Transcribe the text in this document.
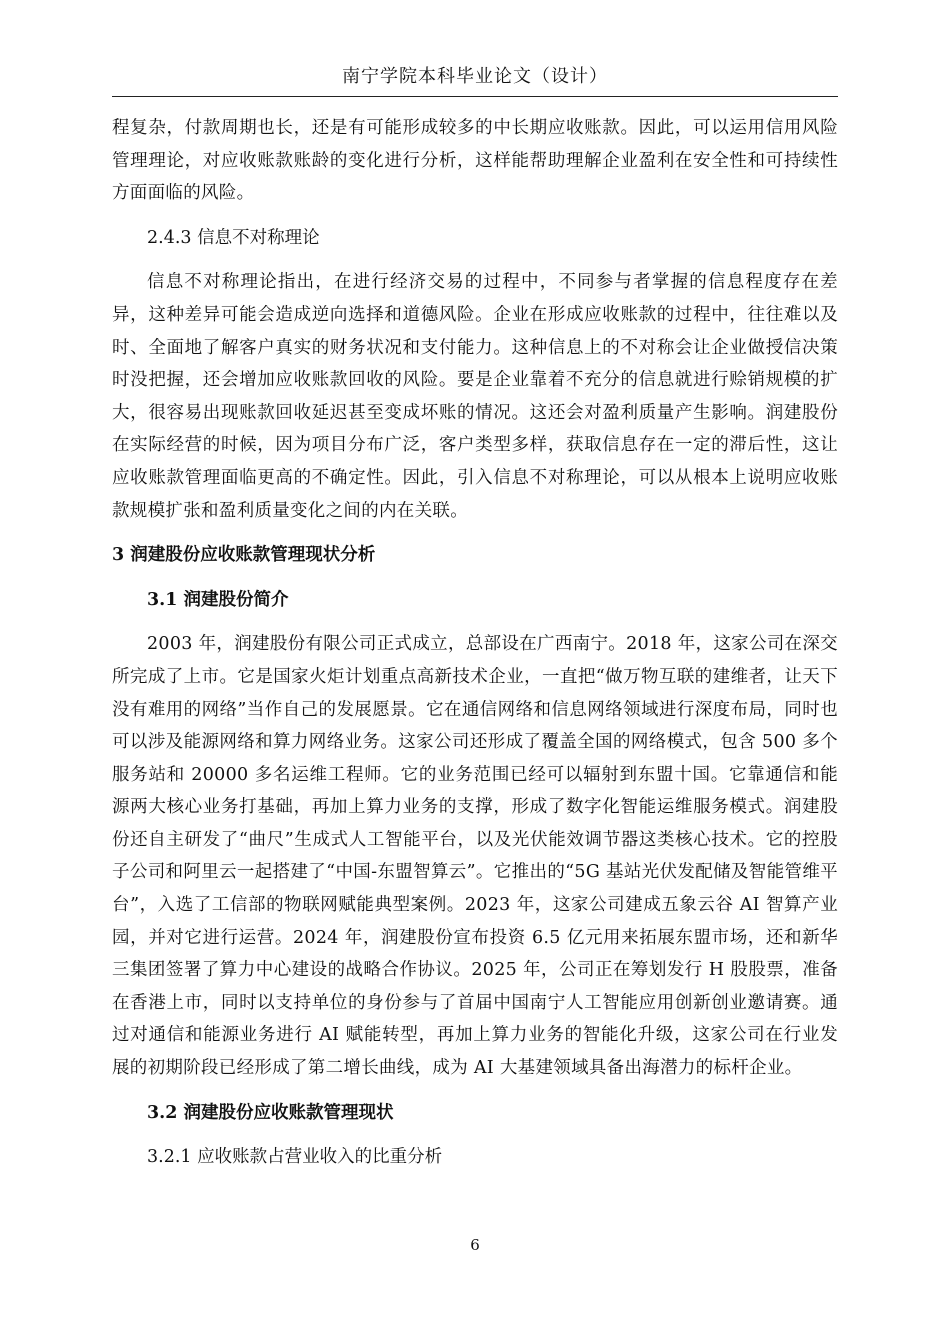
南宁学院本科毕业论文（设计）

程复杂，付款周期也长，还是有可能形成较多的中长期应收账款。因此，可以运用信用风险管理理论，对应收账款账龄的变化进行分析，这样能帮助理解企业盈利在安全性和可持续性方面面临的风险。

2.4.3 信息不对称理论

信息不对称理论指出，在进行经济交易的过程中，不同参与者掌握的信息程度存在差异，这种差异可能会造成逆向选择和道德风险。企业在形成应收账款的过程中，往往难以及时、全面地了解客户真实的财务状况和支付能力。这种信息上的不对称会让企业做授信决策时没把握，还会增加应收账款回收的风险。要是企业靠着不充分的信息就进行赊销规模的扩大，很容易出现账款回收延迟甚至变成坏账的情况。这还会对盈利质量产生影响。润建股份在实际经营的时候，因为项目分布广泛，客户类型多样，获取信息存在一定的滞后性，这让应收账款管理面临更高的不确定性。因此，引入信息不对称理论，可以从根本上说明应收账款规模扩张和盈利质量变化之间的内在关联。

3 润建股份应收账款管理现状分析

3.1 润建股份简介

2003 年，润建股份有限公司正式成立，总部设在广西南宁。2018 年，这家公司在深交所完成了上市。它是国家火炬计划重点高新技术企业，一直把“做万物互联的建维者，让天下没有难用的网络”当作自己的发展愿景。它在通信网络和信息网络领域进行深度布局，同时也可以涉及能源网络和算力网络业务。这家公司还形成了覆盖全国的网络模式，包含 500 多个服务站和 20000 多名运维工程师。它的业务范围已经可以辐射到东盟十国。它靠通信和能源两大核心业务打基础，再加上算力业务的支撑，形成了数字化智能运维服务模式。润建股份还自主研发了“曲尺”生成式人工智能平台，以及光伏能效调节器这类核心技术。它的控股子公司和阿里云一起搭建了“中国-东盟智算云”。它推出的“5G 基站光伏发配储及智能管维平台”，入选了工信部的物联网赋能典型案例。2023 年，这家公司建成五象云谷 AI 智算产业园，并对它进行运营。2024 年，润建股份宣布投资 6.5 亿元用来拓展东盟市场，还和新华三集团签署了算力中心建设的战略合作协议。2025 年，公司正在筹划发行 H 股股票，准备在香港上市，同时以支持单位的身份参与了首届中国南宁人工智能应用创新创业邀请赛。通过对通信和能源业务进行 AI 赋能转型，再加上算力业务的智能化升级，这家公司在行业发展的初期阶段已经形成了第二增长曲线，成为 AI 大基建领域具备出海潜力的标杆企业。

3.2 润建股份应收账款管理现状

3.2.1 应收账款占营业收入的比重分析

6
